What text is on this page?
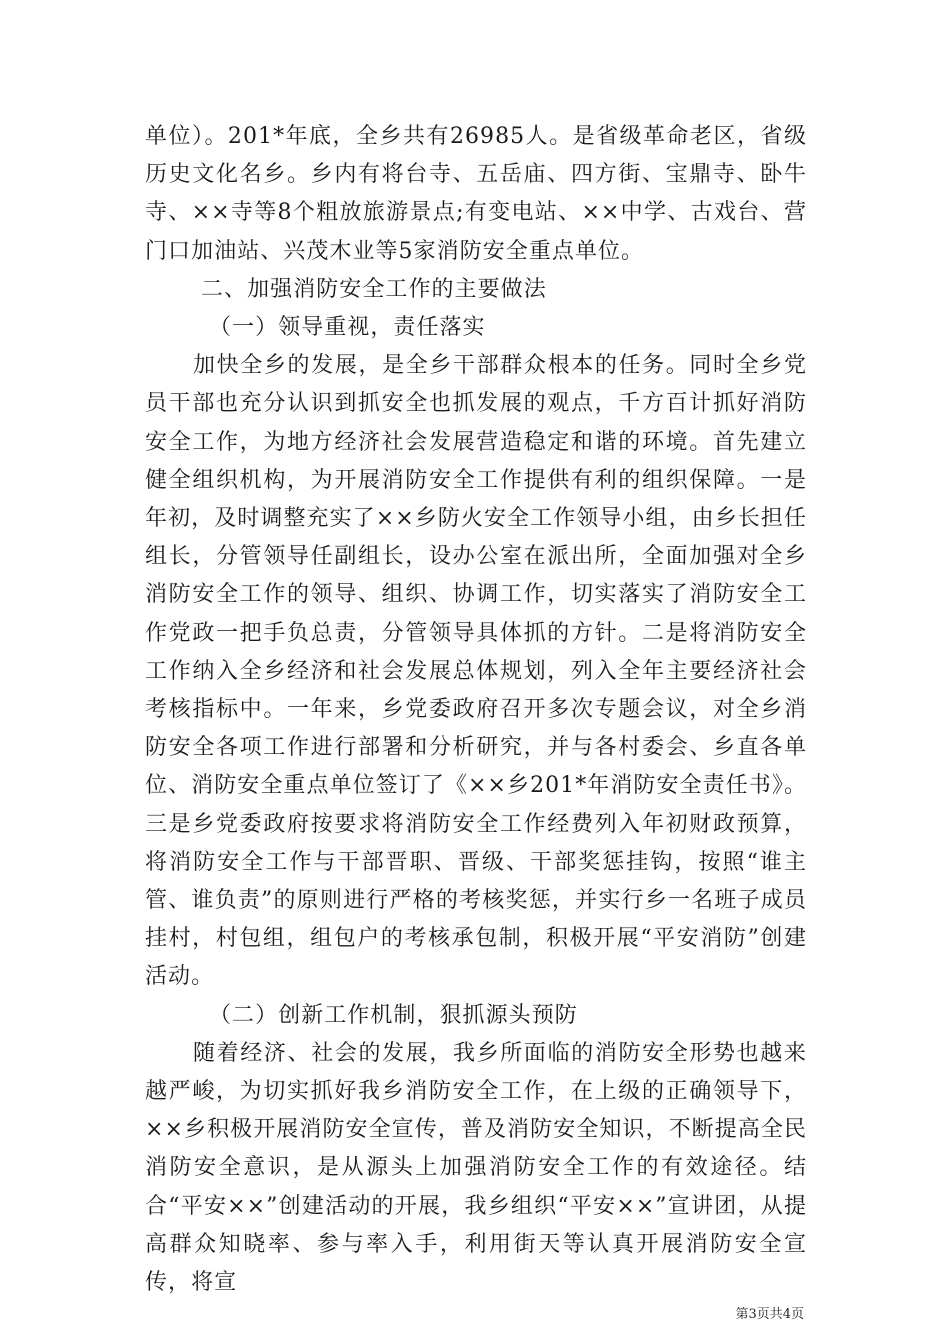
单位）。201*年底，全乡共有26985人。是省级革命老区，省级历史文化名乡。乡内有将台寺、五岳庙、四方街、宝鼎寺、卧牛寺、××寺等8个粗放旅游景点;有变电站、××中学、古戏台、营门口加油站、兴茂木业等5家消防安全重点单位。

二、加强消防安全工作的主要做法

（一）领导重视，责任落实

加快全乡的发展，是全乡干部群众根本的任务。同时全乡党员干部也充分认识到抓安全也抓发展的观点，千方百计抓好消防安全工作，为地方经济社会发展营造稳定和谐的环境。首先建立健全组织机构，为开展消防安全工作提供有利的组织保障。一是年初，及时调整充实了××乡防火安全工作领导小组，由乡长担任组长，分管领导任副组长，设办公室在派出所，全面加强对全乡消防安全工作的领导、组织、协调工作，切实落实了消防安全工作党政一把手负总责，分管领导具体抓的方针。二是将消防安全工作纳入全乡经济和社会发展总体规划，列入全年主要经济社会考核指标中。一年来，乡党委政府召开多次专题会议，对全乡消防安全各项工作进行部署和分析研究，并与各村委会、乡直各单位、消防安全重点单位签订了《××乡201*年消防安全责任书》。三是乡党委政府按要求将消防安全工作经费列入年初财政预算，将消防安全工作与干部晋职、晋级、干部奖惩挂钩，按照“谁主管、谁负责”的原则进行严格的考核奖惩，并实行乡一名班子成员挂村，村包组，组包户的考核承包制，积极开展“平安消防”创建活动。

（二）创新工作机制，狠抓源头预防

随着经济、社会的发展，我乡所面临的消防安全形势也越来越严峻，为切实抓好我乡消防安全工作，在上级的正确领导下，××乡积极开展消防安全宣传，普及消防安全知识，不断提高全民消防安全意识，是从源头上加强消防安全工作的有效途径。结合“平安××”创建活动的开展，我乡组织“平安××”宣讲团，从提高群众知晓率、参与率入手，利用街天等认真开展消防安全宣传，将宣

第3页共4页
